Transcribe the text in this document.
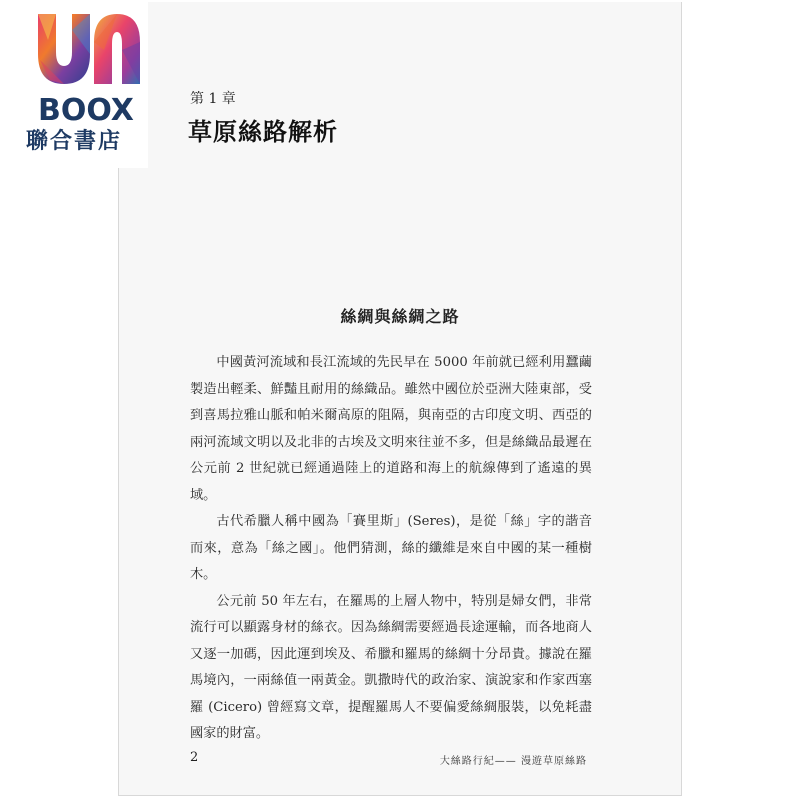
BOOX
聯合書店
第 1 章
草原絲路解析
絲綢與絲綢之路

中國黃河流域和長江流域的先民早在 5000 年前就已經利用蠶繭製造出輕柔、鮮豔且耐用的絲織品。雖然中國位於亞洲大陸東部，受到喜馬拉雅山脈和帕米爾高原的阻隔，與南亞的古印度文明、西亞的兩河流域文明以及北非的古埃及文明來往並不多，但是絲織品最遲在公元前 2 世紀就已經通過陸上的道路和海上的航線傳到了遙遠的異域。

古代希臘人稱中國為「賽里斯」(Seres)，是從「絲」字的諧音而來，意為「絲之國」。他們猜測，絲的纖維是來自中國的某一種樹木。

公元前 50 年左右，在羅馬的上層人物中，特別是婦女們，非常流行可以顯露身材的絲衣。因為絲綢需要經過長途運輸，而各地商人又逐一加碼，因此運到埃及、希臘和羅馬的絲綢十分昂貴。據說在羅馬境內，一兩絲值一兩黃金。凱撒時代的政治家、演說家和作家西塞羅 (Cicero) 曾經寫文章，提醒羅馬人不要偏愛絲綢服裝，以免耗盡國家的財富。

2	大絲路行紀—— 漫遊草原絲路
